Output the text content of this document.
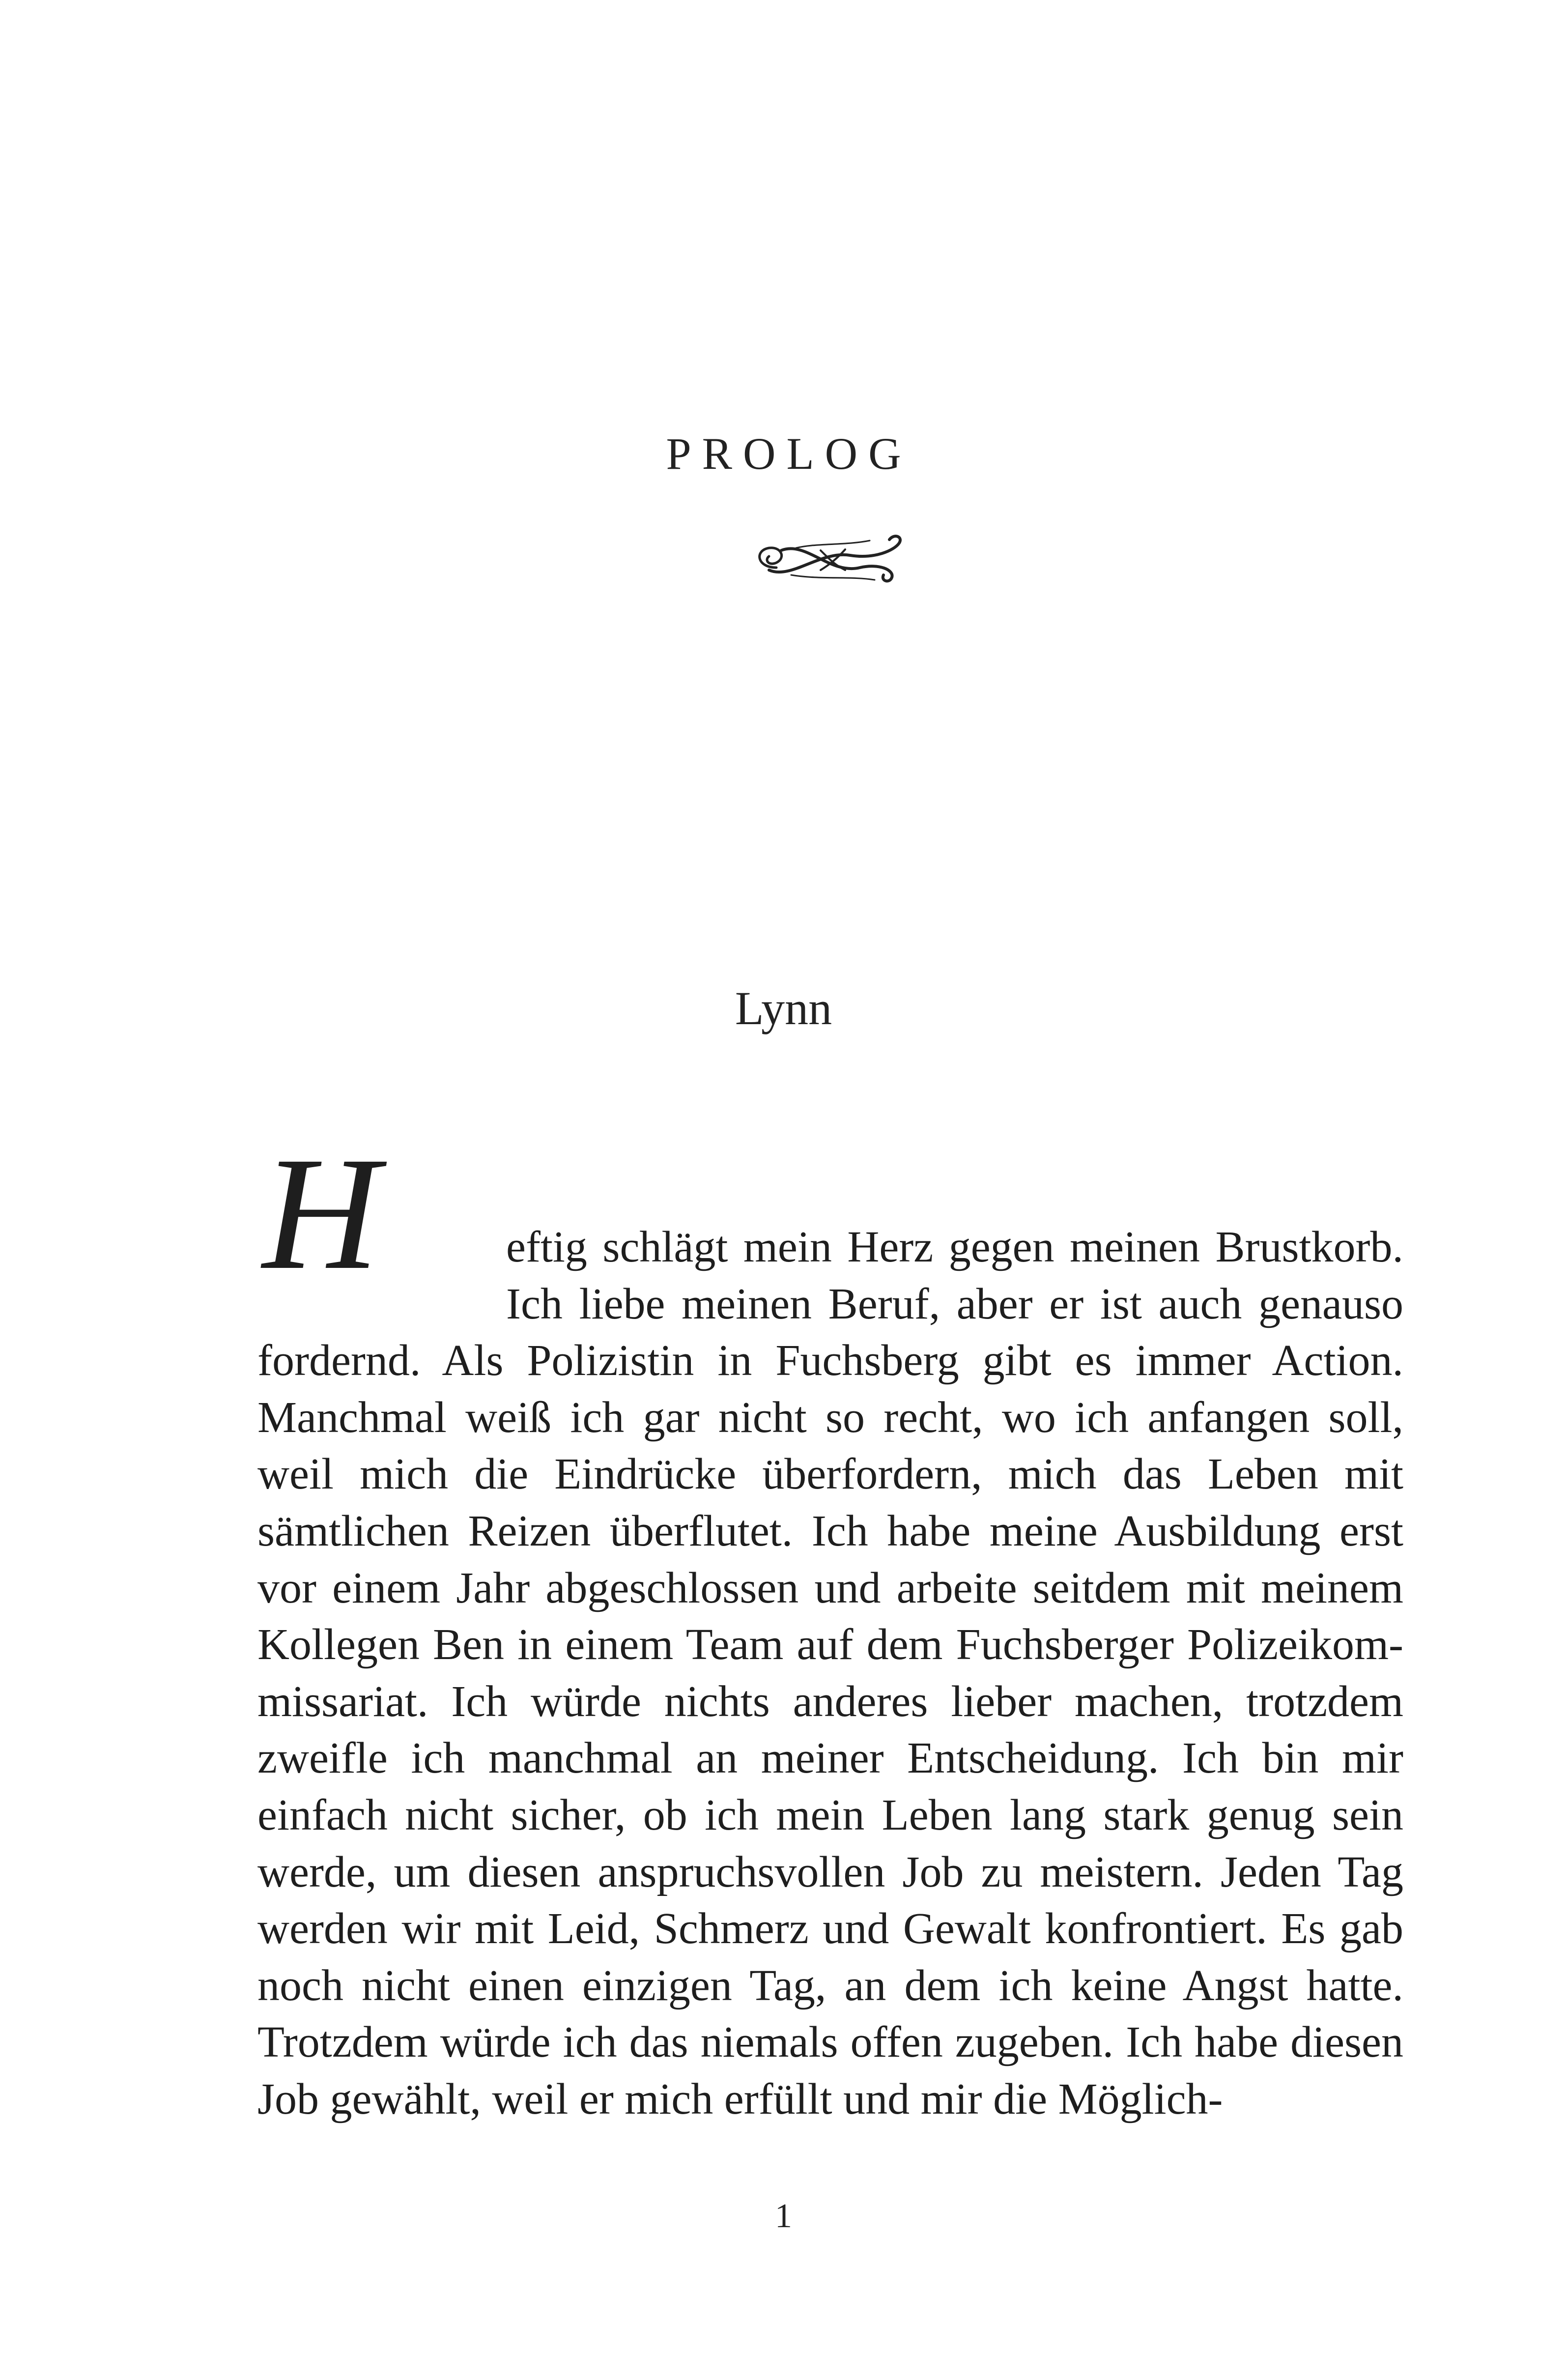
PROLOG
Lynn
H	eftig schlägt mein Herz gegen meinen Brustkorb. Ich liebe meinen Beruf, aber er ist auch genauso fordernd. Als Polizistin in Fuchsberg gibt es immer Action. Manchmal weiß ich gar nicht so recht, wo ich anfangen soll, weil mich die Eindrücke überfordern, mich das Leben mit sämtlichen Reizen überflutet. Ich habe meine Ausbildung erst vor einem Jahr abgeschlossen und arbeite seitdem mit meinem Kollegen Ben in einem Team auf dem Fuchsberger Polizeikommissariat. Ich würde nichts anderes lieber machen, trotzdem zweifle ich manchmal an meiner Entscheidung. Ich bin mir einfach nicht sicher, ob ich mein Leben lang stark genug sein werde, um diesen anspruchsvollen Job zu meistern. Jeden Tag werden wir mit Leid, Schmerz und Gewalt konfrontiert. Es gab noch nicht einen einzigen Tag, an dem ich keine Angst hatte. Trotzdem würde ich das niemals offen zugeben. Ich habe diesen Job gewählt, weil er mich erfüllt und mir die Möglich-
1
